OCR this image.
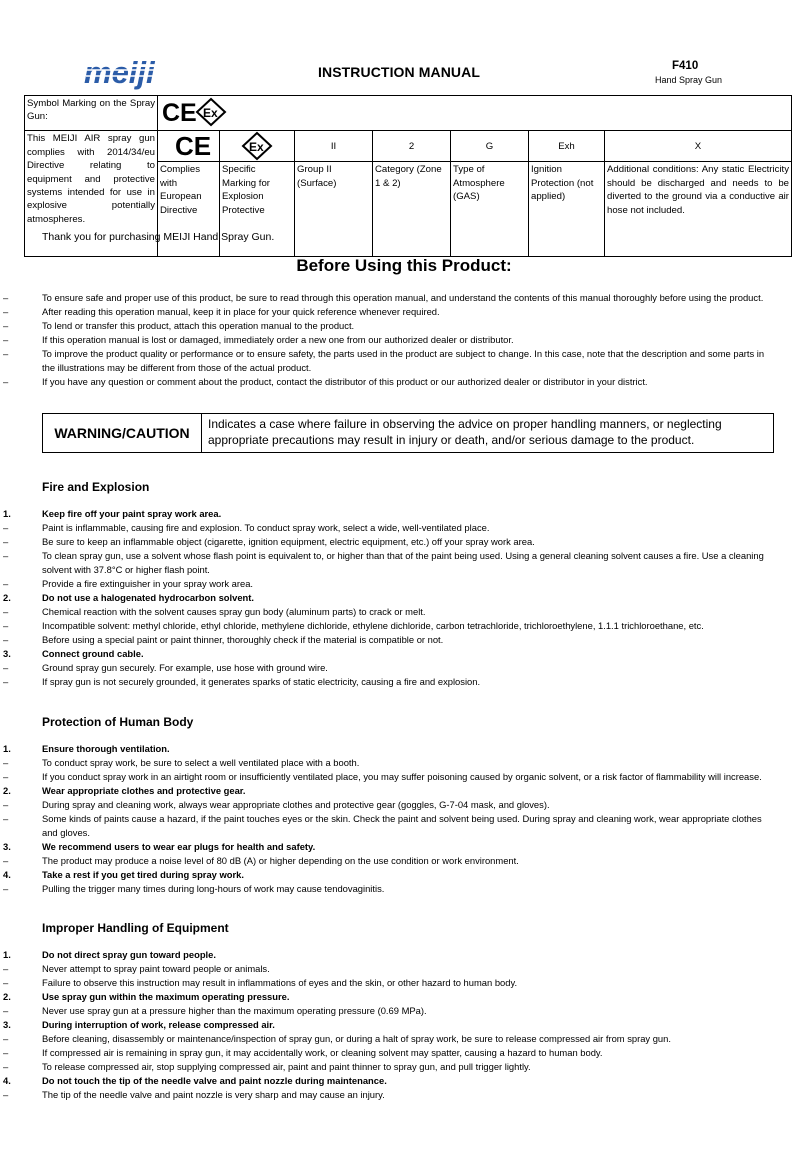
meiji	INSTRUCTION MANUAL	F410
Hand Spray Gun
Symbol Marking on the Spray Gun:	CE Ex						

This MEIJI AIR spray gun complies with 2014/34/eu Directive relating to equipment and protective systems intended for use in explosive potentially atmospheres.	CE	Ex	II	2	G	Exh	X
	Complies with European Directive	Specific Marking for Explosion Protective	Group II (Surface)	Category (Zone 1 & 2)	Type of Atmosphere (GAS)	Ignition Protection (not applied)	Additional conditions: Any static Electricity should be discharged and needs to be diverted to the ground via a conductive air hose not included.
Thank you for purchasing MEIJI Hand Spray Gun.
Before Using this Product:
–	To ensure safe and proper use of this product, be sure to read through this operation manual, and understand the contents of this manual thoroughly before using the product.
–	After reading this operation manual, keep it in place for your quick reference whenever required.
–	To lend or transfer this product, attach this operation manual to the product.
–	If this operation manual is lost or damaged, immediately order a new one from our authorized dealer or distributor.
–	To improve the product quality or performance or to ensure safety, the parts used in the product are subject to change. In this case, note that the description and some parts in the illustrations may be different from those of the actual product.
–	If you have any question or comment about the product, contact the distributor of this product or our authorized dealer or distributor in your district.
WARNING/CAUTION
Indicates a case where failure in observing the advice on proper handling manners, or neglecting appropriate precautions may result in injury or death, and/or serious damage to the product.
Fire and Explosion
1.	Keep fire off your paint spray work area.
–	Paint is inflammable, causing fire and explosion. To conduct spray work, select a wide, well-ventilated place.
–	Be sure to keep an inflammable object (cigarette, ignition equipment, electric equipment, etc.) off your spray work area.
–	To clean spray gun, use a solvent whose flash point is equivalent to, or higher than that of the paint being used. Using a general cleaning solvent causes a fire. Use a cleaning solvent with 37.8°C or higher flash point.
–	Provide a fire extinguisher in your spray work area.
2.	Do not use a halogenated hydrocarbon solvent.
–	Chemical reaction with the solvent causes spray gun body (aluminum parts) to crack or melt.
–	Incompatible solvent: methyl chloride, ethyl chloride, methylene dichloride, ethylene dichloride, carbon tetrachloride, trichloroethylene, 1.1.1 trichloroethane, etc.
–	Before using a special paint or paint thinner, thoroughly check if the material is compatible or not.
3.	Connect ground cable.
–	Ground spray gun securely. For example, use hose with ground wire.
–	If spray gun is not securely grounded, it generates sparks of static electricity, causing a fire and explosion.
Protection of Human Body
1.	Ensure thorough ventilation.
–	To conduct spray work, be sure to select a well ventilated place with a booth.
–	If you conduct spray work in an airtight room or insufficiently ventilated place, you may suffer poisoning caused by organic solvent, or a risk factor of flammability will increase.
2.	Wear appropriate clothes and protective gear.
–	During spray and cleaning work, always wear appropriate clothes and protective gear (goggles, G-7-04 mask, and gloves).
–	Some kinds of paints cause a hazard, if the paint touches eyes or the skin. Check the paint and solvent being used. During spray and cleaning work, wear appropriate clothes and gloves.
3.	We recommend users to wear ear plugs for health and safety.
–	The product may produce a noise level of 80 dB (A) or higher depending on the use condition or work environment.
4.	Take a rest if you get tired during spray work.
–	Pulling the trigger many times during long-hours of work may cause tendovaginitis.
Improper Handling of Equipment
1.	Do not direct spray gun toward people.
–	Never attempt to spray paint toward people or animals.
–	Failure to observe this instruction may result in inflammations of eyes and the skin, or other hazard to human body.
2.	Use spray gun within the maximum operating pressure.
–	Never use spray gun at a pressure higher than the maximum operating pressure (0.69 MPa).
3.	During interruption of work, release compressed air.
–	Before cleaning, disassembly or maintenance/inspection of spray gun, or during a halt of spray work, be sure to release compressed air from spray gun.
–	If compressed air is remaining in spray gun, it may accidentally work, or cleaning solvent may spatter, causing a hazard to human body.
–	To release compressed air, stop supplying compressed air, paint and paint thinner to spray gun, and pull trigger lightly.
4.	Do not touch the tip of the needle valve and paint nozzle during maintenance.
–	The tip of the needle valve and paint nozzle is very sharp and may cause an injury.
